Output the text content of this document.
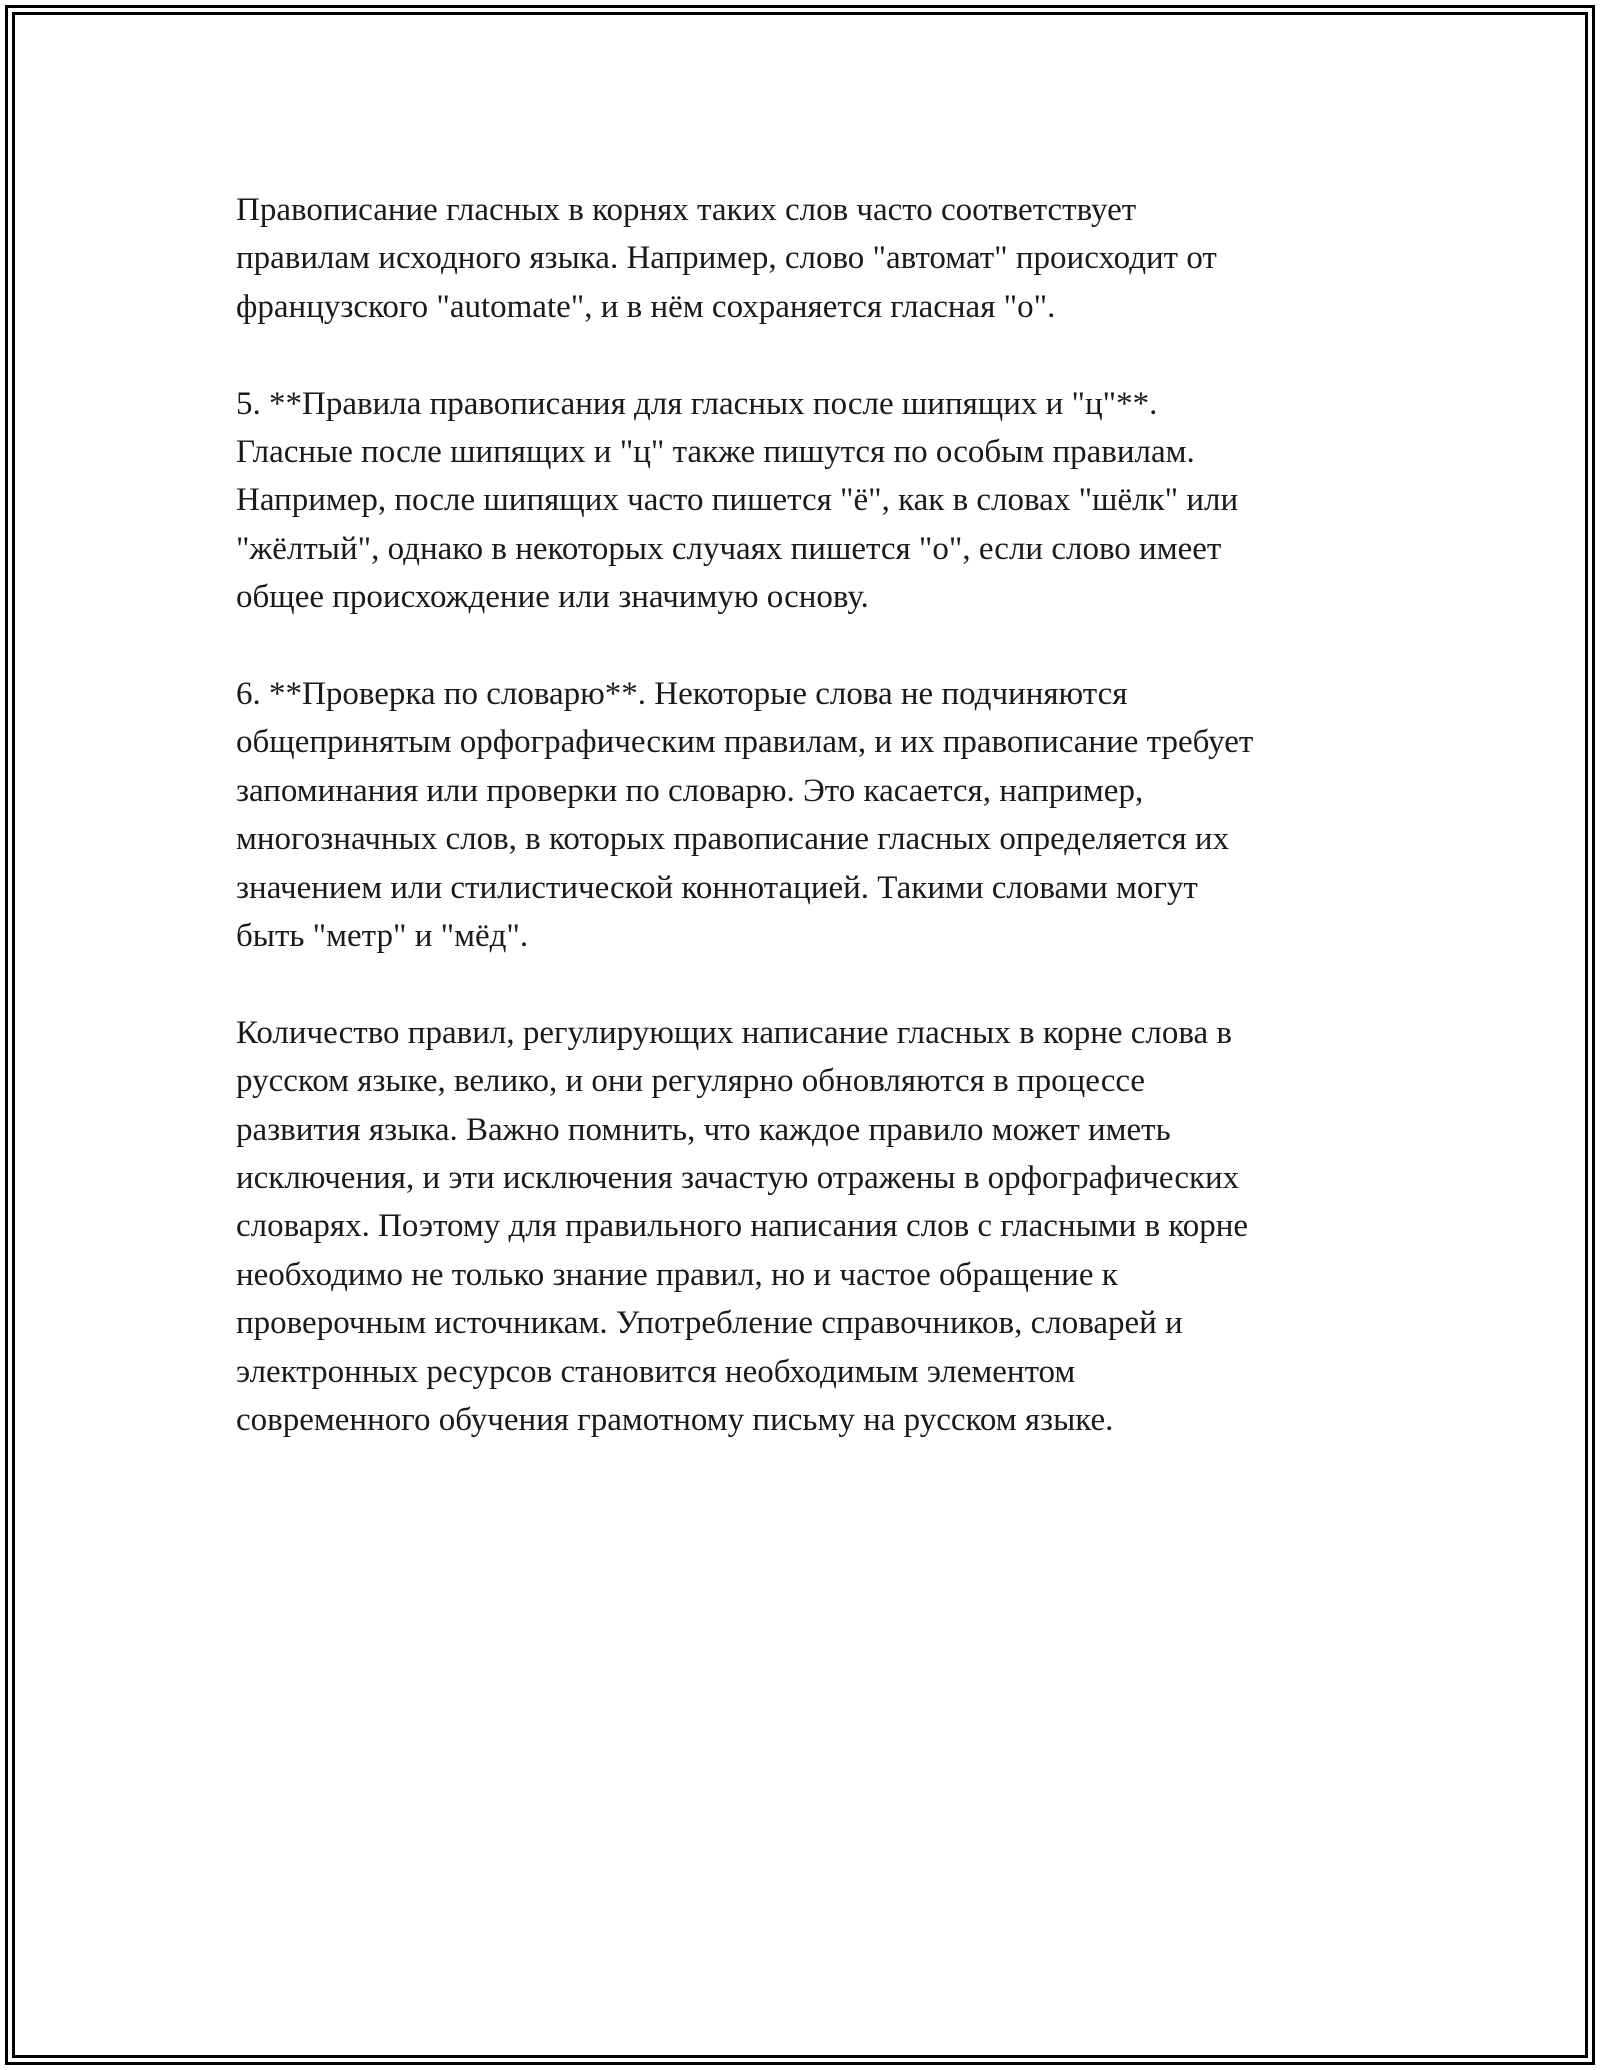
Правописание гласных в корнях таких слов часто соответствует
правилам исходного языка. Например, слово "автомат" происходит от
французского "automate", и в нём сохраняется гласная "о".

5. **Правила правописания для гласных после шипящих и "ц"**.
Гласные после шипящих и "ц" также пишутся по особым правилам.
Например, после шипящих часто пишется "ё", как в словах "шёлк" или
"жёлтый", однако в некоторых случаях пишется "о", если слово имеет
общее происхождение или значимую основу.

6. **Проверка по словарю**. Некоторые слова не подчиняются
общепринятым орфографическим правилам, и их правописание требует
запоминания или проверки по словарю. Это касается, например,
многозначных слов, в которых правописание гласных определяется их
значением или стилистической коннотацией. Такими словами могут
быть "метр" и "мёд".

Количество правил, регулирующих написание гласных в корне слова в
русском языке, велико, и они регулярно обновляются в процессе
развития языка. Важно помнить, что каждое правило может иметь
исключения, и эти исключения зачастую отражены в орфографических
словарях. Поэтому для правильного написания слов с гласными в корне
необходимо не только знание правил, но и частое обращение к
проверочным источникам. Употребление справочников, словарей и
электронных ресурсов становится необходимым элементом
современного обучения грамотному письму на русском языке.
